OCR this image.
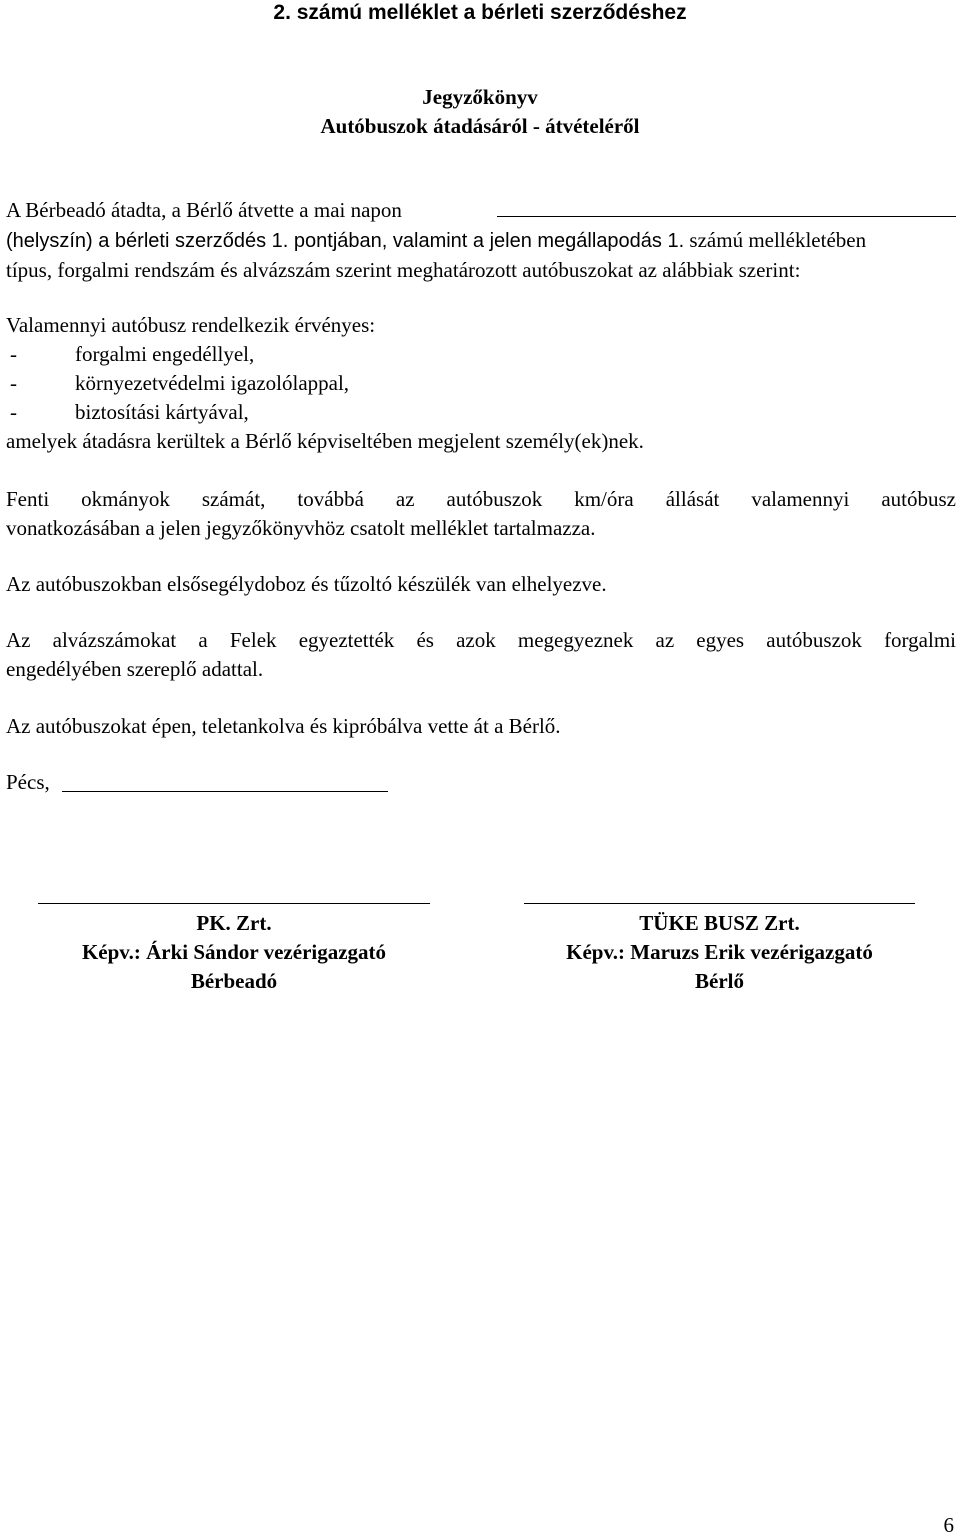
2. számú melléklet a bérleti szerződéshez
Jegyzőkönyv
Autóbuszok átadásáról - átvételéről
A Bérbeadó átadta, a Bérlő átvette a mai napon
(helyszín) a bérleti szerződés 1. pontjában, valamint a jelen megállapodás 1. számú mellékletében
típus, forgalmi rendszám és alvázszám szerint meghatározott autóbuszokat az alábbiak szerint:
Valamennyi autóbusz rendelkezik érvényes:
-	forgalmi engedéllyel,
-	környezetvédelmi igazolólappal,
-	biztosítási kártyával,
amelyek átadásra kerültek a Bérlő képviseltében megjelent személy(ek)nek.
Fenti okmányok számát, továbbá az autóbuszok km/óra állását valamennyi autóbusz
vonatkozásában a jelen jegyzőkönyvhöz csatolt melléklet tartalmazza.
Az autóbuszokban elsősegélydoboz és tűzoltó készülék van elhelyezve.
Az alvázszámokat a Felek egyeztették és azok megegyeznek az egyes autóbuszok forgalmi
engedélyében szereplő adattal.
Az autóbuszokat épen, teletankolva és kipróbálva vette át a Bérlő.
Pécs,
PK. Zrt.
Képv.: Árki Sándor vezérigazgató
Bérbeadó
TÜKE BUSZ Zrt.
Képv.: Maruzs Erik vezérigazgató
Bérlő
6
